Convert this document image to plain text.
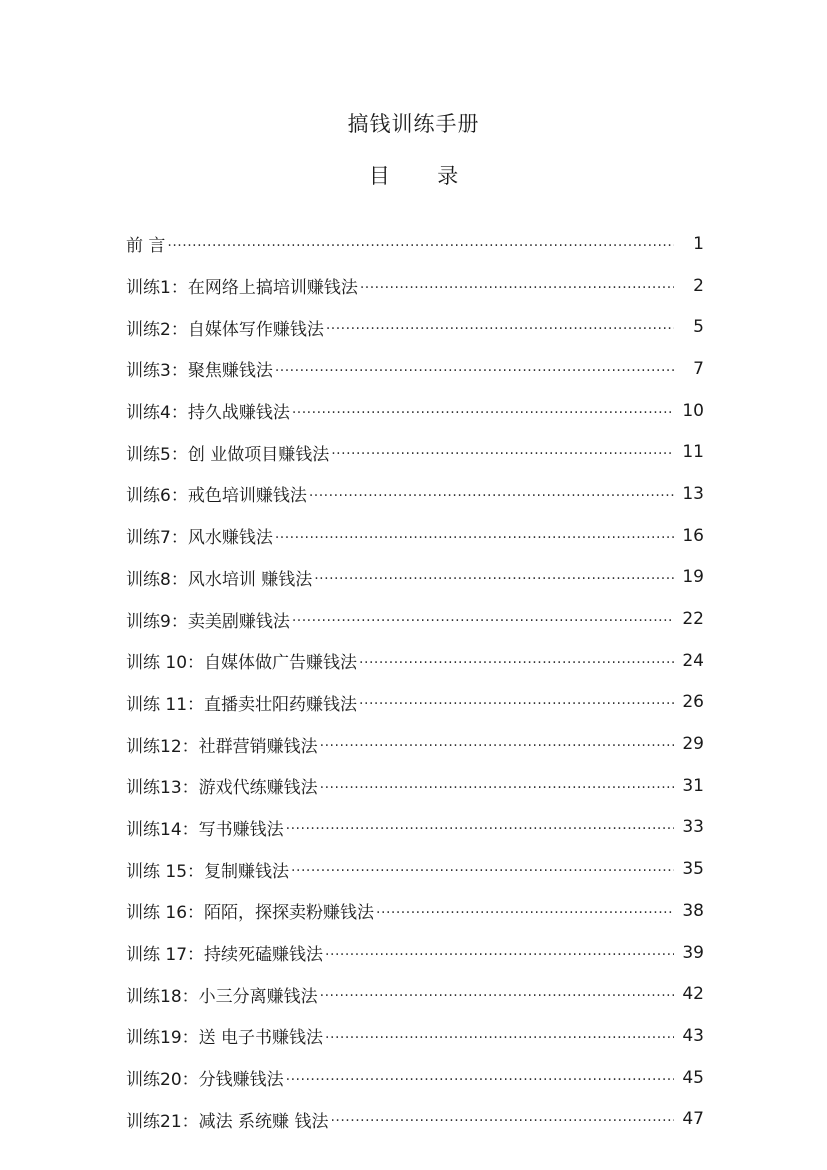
搞钱训练手册
目 录
前 言 ·····	1
训练1：在网络上搞培训赚钱法 ·····	2
训练2：自媒体写作赚钱法 ·····	5
训练3：聚焦赚钱法 ·····	7
训练4：持久战赚钱法 ·····	10
训练5：创 业做项目赚钱法 ·····	11
训练6：戒色培训赚钱法 ·····	13
训练7：风水赚钱法 ·····	16
训练8：风水培训 赚钱法 ·····	19
训练9：卖美剧赚钱法 ·····	22
训练 10：自媒体做广告赚钱法 ·····	24
训练 11：直播卖壮阳药赚钱法 ·····	26
训练12：社群营销赚钱法 ·····	29
训练13：游戏代练赚钱法 ·····	31
训练14：写书赚钱法 ·····	33
训练 15：复制赚钱法 ·····	35
训练 16：陌陌，探探卖粉赚钱法 ·····	38
训练 17：持续死磕赚钱法 ·····	39
训练18：小三分离赚钱法 ·····	42
训练19：送 电子书赚钱法 ·····	43
训练20：分钱赚钱法 ·····	45
训练21：减法 系统赚 钱法 ·····	47
